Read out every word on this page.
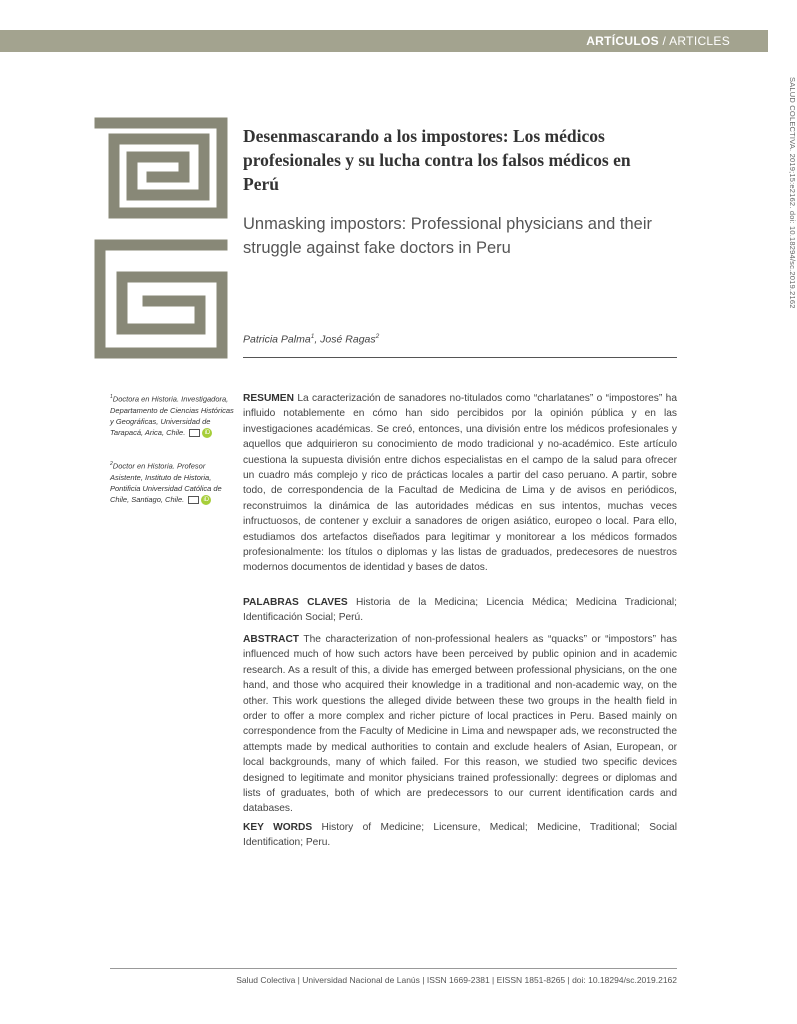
ARTÍCULOS / ARTICLES
SALUD COLECTIVA. 2019;15:e2162. doi: 10.18294/sc.2019.2162
Desenmascarando a los impostores: Los médicos profesionales y su lucha contra los falsos médicos en Perú
Unmasking impostors: Professional physicians and their struggle against fake doctors in Peru
Patricia Palma$^1$, José Ragas$^2$
$^1$Doctora en Historia. Investigadora, Departamento de Ciencias Históricas y Geográficas, Universidad de Tarapacá, Arica, Chile.	iD
$^2$Doctor en Historia. Profesor Asistente, Instituto de Historia, Pontificia Universidad Católica de Chile, Santiago, Chile.	iD
RESUMEN La caracterización de sanadores no-titulados como “charlatanes” o “impostores” ha influido notablemente en cómo han sido percibidos por la opinión pública y en las investigaciones académicas. Se creó, entonces, una división entre los médicos profesionales y aquellos que adquirieron su conocimiento de modo tradicional y no-académico. Este artículo cuestiona la supuesta división entre dichos especialistas en el campo de la salud para ofrecer un cuadro más complejo y rico de prácticas locales a partir del caso peruano. A partir, sobre todo, de correspondencia de la Facultad de Medicina de Lima y de avisos en periódicos, reconstruimos la dinámica de las autoridades médicas en sus intentos, muchas veces infructuosos, de contener y excluir a sanadores de origen asiático, europeo o local. Para ello, estudiamos dos artefactos diseñados para legitimar y monitorear a los médicos formados profesionalmente: los títulos o diplomas y las listas de graduados, predecesores de nuestros modernos documentos de identidad y bases de datos.
PALABRAS CLAVES Historia de la Medicina; Licencia Médica; Medicina Tradicional; Identificación Social; Perú.
ABSTRACT The characterization of non-professional healers as “quacks” or “impostors” has influenced much of how such actors have been perceived by public opinion and in academic research. As a result of this, a divide has emerged between professional physicians, on the one hand, and those who acquired their knowledge in a traditional and non-academic way, on the other. This work questions the alleged divide between these two groups in the health field in order to offer a more complex and richer picture of local practices in Peru. Based mainly on correspondence from the Faculty of Medicine in Lima and newspaper ads, we reconstructed the attempts made by medical authorities to contain and exclude healers of Asian, European, or local backgrounds, many of which failed. For this reason, we studied two specific devices designed to legitimate and monitor physicians trained professionally: degrees or diplomas and lists of graduates, both of which are predecessors to our current identification cards and databases.
KEY WORDS History of Medicine; Licensure, Medical; Medicine, Traditional; Social Identification; Peru.
Salud Colectiva | Universidad Nacional de Lanús | ISSN 1669-2381 | EISSN 1851-8265 | doi: 10.18294/sc.2019.2162
